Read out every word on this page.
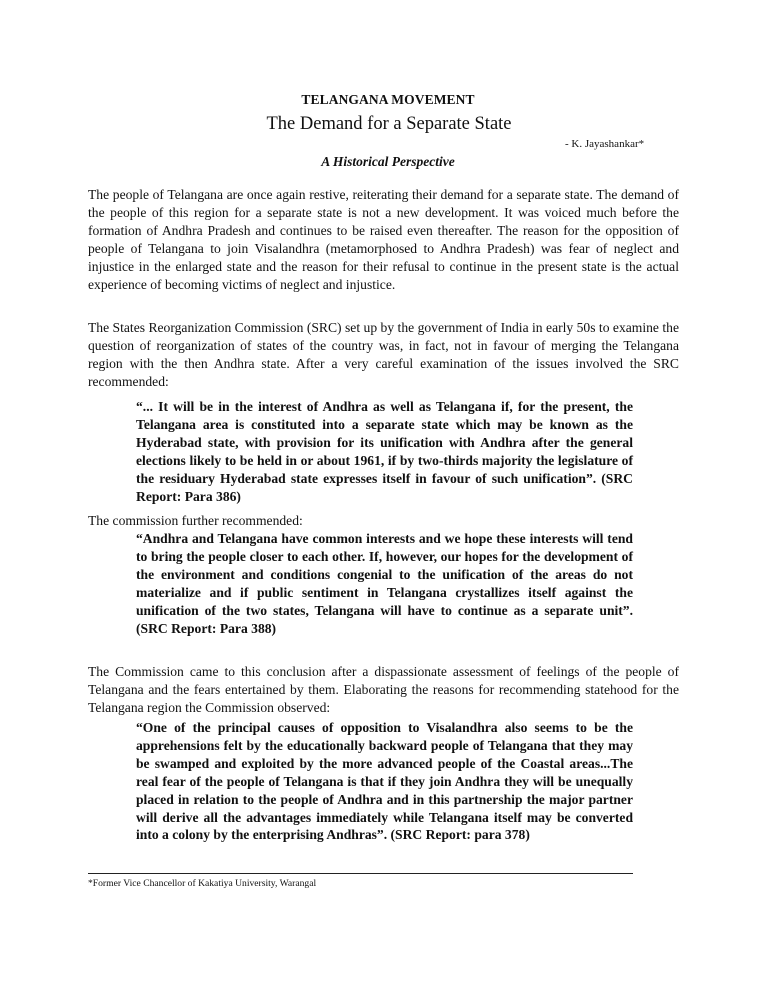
TELANGANA MOVEMENT
The Demand for a Separate State
- K. Jayashankar*
A Historical Perspective

The people of Telangana are once again restive, reiterating their demand for a separate state. The demand of the people of this region for a separate state is not a new development. It was voiced much before the formation of Andhra Pradesh and continues to be raised even thereafter. The reason for the opposition of people of Telangana to join Visalandhra (metamorphosed to Andhra Pradesh) was fear of neglect and injustice in the enlarged state and the reason for their refusal to continue in the present state is the actual experience of becoming victims of neglect and injustice.

The States Reorganization Commission (SRC) set up by the government of India in early 50s to examine the question of reorganization of states of the country was, in fact, not in favour of merging the Telangana region with the then Andhra state. After a very careful examination of the issues involved the SRC recommended:

“... It will be in the interest of Andhra as well as Telangana if, for the present, the Telangana area is constituted into a separate state which may be known as the Hyderabad state, with provision for its unification with Andhra after the general elections likely to be held in or about 1961, if by two-thirds majority the legislature of the residuary Hyderabad state expresses itself in favour of such unification”. (SRC Report: Para 386)

The commission further recommended:

“Andhra and Telangana have common interests and we hope these interests will tend to bring the people closer to each other. If, however, our hopes for the development of the environment and conditions congenial to the unification of the areas do not materialize and if public sentiment in Telangana crystallizes itself against the unification of the two states, Telangana will have to continue as a separate unit”. (SRC Report: Para 388)

The Commission came to this conclusion after a dispassionate assessment of feelings of the people of Telangana and the fears entertained by them. Elaborating the reasons for recommending statehood for the Telangana region the Commission observed:

“One of the principal causes of opposition to Visalandhra also seems to be the apprehensions felt by the educationally backward people of Telangana that they may be swamped and exploited by the more advanced people of the Coastal areas...The real fear of the people of Telangana is that if they join Andhra they will be unequally placed in relation to the people of Andhra and in this partnership the major partner will derive all the advantages immediately while Telangana itself may be converted into a colony by the enterprising Andhras”. (SRC Report: para 378)
*Former Vice Chancellor of Kakatiya University, Warangal
